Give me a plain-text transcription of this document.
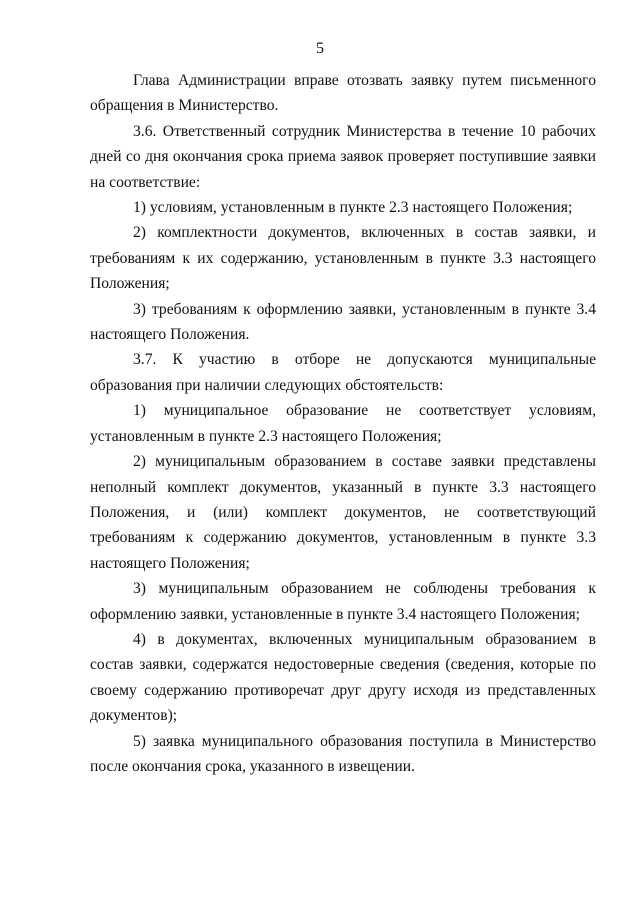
5

Глава Администрации вправе отозвать заявку путем письменного обращения в Министерство.

3.6. Ответственный сотрудник Министерства в течение 10 рабочих дней со дня окончания срока приема заявок проверяет поступившие заявки на соответствие:

1) условиям, установленным в пункте 2.3 настоящего Положения;

2) комплектности документов, включенных в состав заявки, и требованиям к их содержанию, установленным в пункте 3.3 настоящего Положения;

3) требованиям к оформлению заявки, установленным в пункте 3.4 настоящего Положения.

3.7. К участию в отборе не допускаются муниципальные образования при наличии следующих обстоятельств:

1) муниципальное образование не соответствует условиям, установленным в пункте 2.3 настоящего Положения;

2) муниципальным образованием в составе заявки представлены неполный комплект документов, указанный в пункте 3.3 настоящего Положения, и (или) комплект документов, не соответствующий требованиям к содержанию документов, установленным в пункте 3.3 настоящего Положения;

3) муниципальным образованием не соблюдены требования к оформлению заявки, установленные в пункте 3.4 настоящего Положения;

4) в документах, включенных муниципальным образованием в состав заявки, содержатся недостоверные сведения (сведения, которые по своему содержанию противоречат друг другу исходя из представленных документов);

5) заявка муниципального образования поступила в Министерство после окончания срока, указанного в извещении.
